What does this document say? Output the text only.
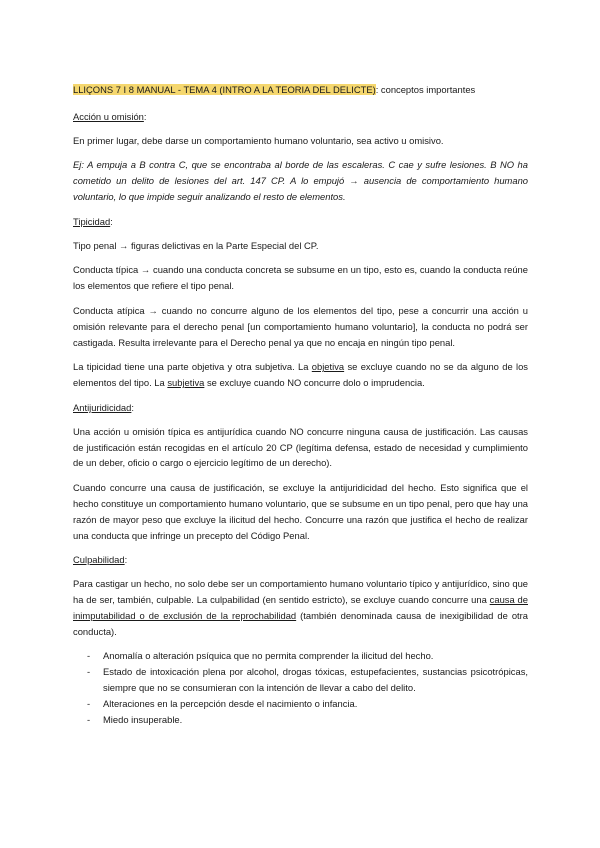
LLIÇONS 7 I 8 MANUAL - TEMA 4 (INTRO A LA TEORIA DEL DELICTE): conceptos importantes

Acción u omisión:

En primer lugar, debe darse un comportamiento humano voluntario, sea activo u omisivo.

Ej: A empuja a B contra C, que se encontraba al borde de las escaleras. C cae y sufre lesiones. B NO ha cometido un delito de lesiones del art. 147 CP. A lo empujó → ausencia de comportamiento humano voluntario, lo que impide seguir analizando el resto de elementos.

Tipicidad:

Tipo penal → figuras delictivas en la Parte Especial del CP.

Conducta típica → cuando una conducta concreta se subsume en un tipo, esto es, cuando la conducta reúne los elementos que refiere el tipo penal.

Conducta atípica → cuando no concurre alguno de los elementos del tipo, pese a concurrir una acción u omisión relevante para el derecho penal [un comportamiento humano voluntario], la conducta no podrá ser castigada. Resulta irrelevante para el Derecho penal ya que no encaja en ningún tipo penal.

La tipicidad tiene una parte objetiva y otra subjetiva. La objetiva se excluye cuando no se da alguno de los elementos del tipo. La subjetiva se excluye cuando NO concurre dolo o imprudencia.

Antijuridicidad:

Una acción u omisión típica es antijurídica cuando NO concurre ninguna causa de justificación. Las causas de justificación están recogidas en el artículo 20 CP (legítima defensa, estado de necesidad y cumplimiento de un deber, oficio o cargo o ejercicio legítimo de un derecho).

Cuando concurre una causa de justificación, se excluye la antijuridicidad del hecho. Esto significa que el hecho constituye un comportamiento humano voluntario, que se subsume en un tipo penal, pero que hay una razón de mayor peso que excluye la ilicitud del hecho. Concurre una razón que justifica el hecho de realizar una conducta que infringe un precepto del Código Penal.

Culpabilidad:

Para castigar un hecho, no solo debe ser un comportamiento humano voluntario típico y antijurídico, sino que ha de ser, también, culpable. La culpabilidad (en sentido estricto), se excluye cuando concurre una causa de inimputabilidad o de exclusión de la reprochabilidad (también denominada causa de inexigibilidad de otra conducta).

- Anomalía o alteración psíquica que no permita comprender la ilicitud del hecho.
- Estado de intoxicación plena por alcohol, drogas tóxicas, estupefacientes, sustancias psicotrópicas, siempre que no se consumieran con la intención de llevar a cabo del delito.
- Alteraciones en la percepción desde el nacimiento o infancia.
- Miedo insuperable.
